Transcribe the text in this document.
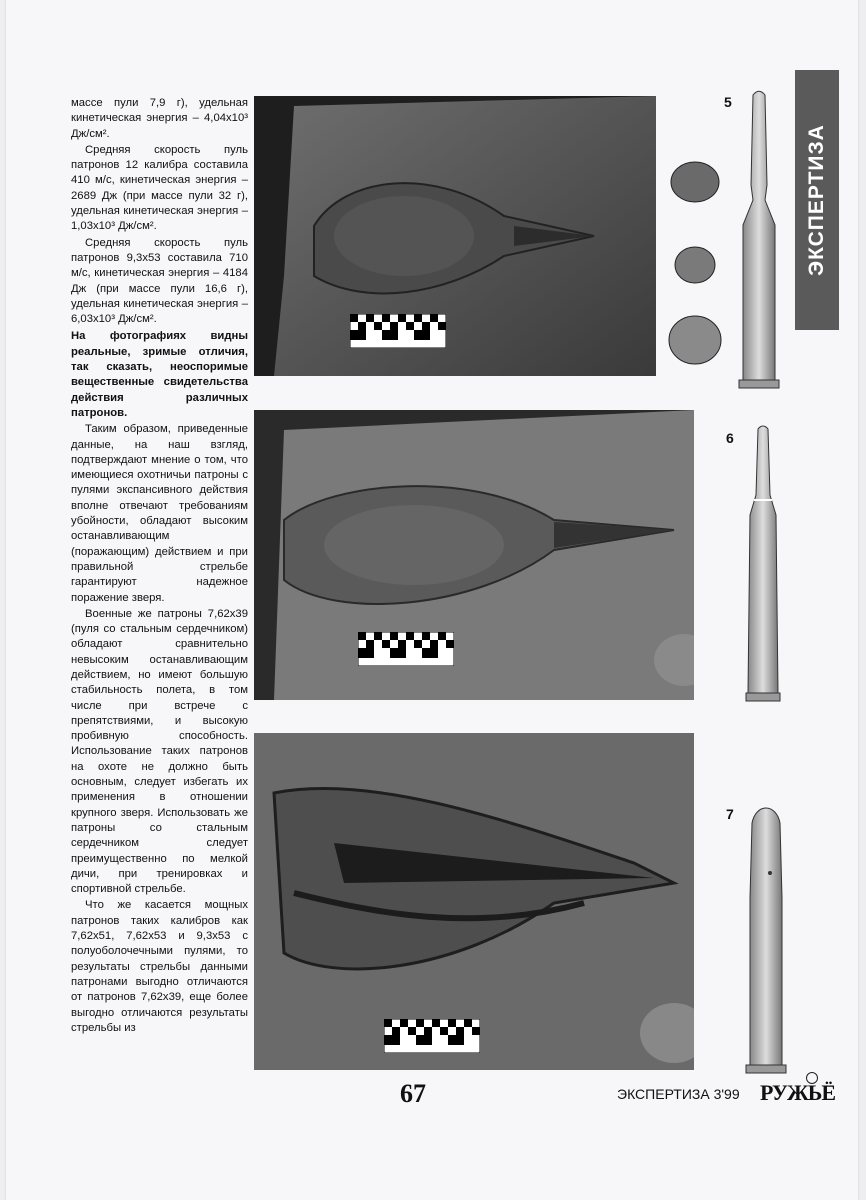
массе пули 7,9 г), удельная кинетическая энергия – 4,04х10³ Дж/см².

Средняя скорость пуль патронов 12 калибра составила 410 м/с, кинетическая энергия – 2689 Дж (при массе пули 32 г), удельная кинетическая энергия – 1,03х10³ Дж/см².

Средняя скорость пуль патронов 9,3х53 составила 710 м/с, кинетическая энергия – 4184 Дж (при массе пули 16,6 г), удельная кинетическая энергия – 6,03х10³ Дж/см².

На фотографиях видны реальные, зримые отличия, так сказать, неоспоримые вещественные свидетельства действия различных патронов.

Таким образом, приведенные данные, на наш взгляд, подтверждают мнение о том, что имеющиеся охотничьи патроны с пулями экспансивного действия вполне отвечают требованиям убойности, обладают высоким останавливающим (поражающим) действием и при правильной стрельбе гарантируют надежное поражение зверя.

Военные же патроны 7,62х39 (пуля со стальным сердечником) обладают сравнительно невысоким останавливающим действием, но имеют большую стабильность полета, в том числе при встрече с препятствиями, и высокую пробивную способность. Использование таких патронов на охоте не должно быть основным, следует избегать их применения в отношении крупного зверя. Использовать же патроны со стальным сердечником следует преимущественно по мелкой дичи, при тренировках и спортивной стрельбе.

Что же касается мощных патронов таких калибров как 7,62х51, 7,62х53 и 9,3х53 с полуоболочечными пулями, то результаты стрельбы данными патронами выгодно отличаются от патронов 7,62х39, еще более выгодно отличаются результаты стрельбы из

ЭКСПЕРТИЗА
5
6
7
67	ЭКСПЕРТИЗА 3'99 РУЖЬЁ
